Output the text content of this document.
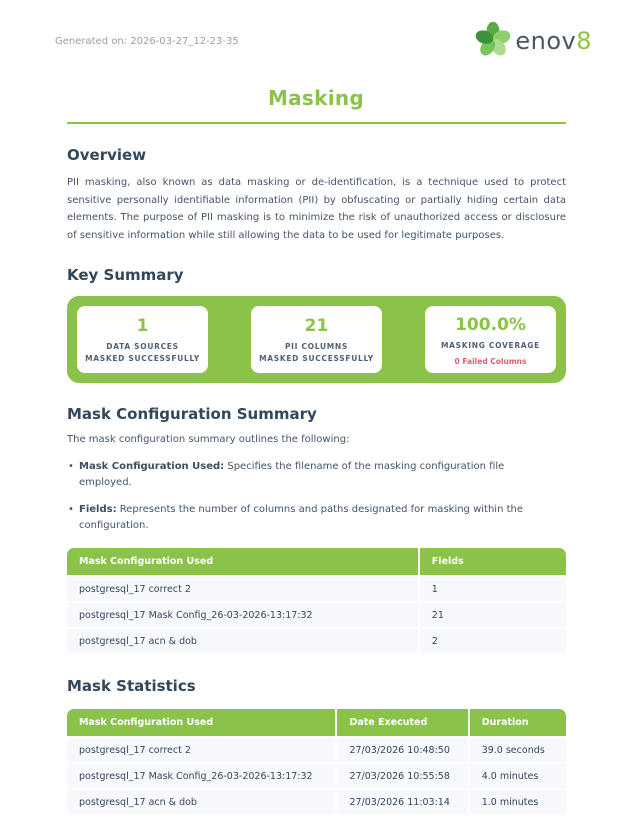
Generated on: 2026-03-27_12-23-35	enov8
Masking
Overview

PII masking, also known as data masking or de-identification, is a technique used to protect sensitive personally identifiable information (PII) by obfuscating or partially hiding certain data elements. The purpose of PII masking is to minimize the risk of unauthorized access or disclosure of sensitive information while still allowing the data to be used for legitimate purposes.

Key Summary
1
DATA SOURCES
MASKED SUCCESSFULLY
21
PII COLUMNS
MASKED SUCCESSFULLY
100.0%
MASKING COVERAGE
0 Failed Columns
Mask Configuration Summary
The mask configuration summary outlines the following:
• Mask Configuration Used: Specifies the filename of the masking configuration file employed.
• Fields: Represents the number of columns and paths designated for masking within the configuration.
Mask Configuration Used	Fields
postgresql_17 correct 2	1
postgresql_17 Mask Config_26-03-2026-13:17:32	21
postgresql_17 acn & dob	2
Mask Statistics
Mask Configuration Used	Date Executed	Duration
postgresql_17 correct 2	27/03/2026 10:48:50	39.0 seconds
postgresql_17 Mask Config_26-03-2026-13:17:32	27/03/2026 10:55:58	4.0 minutes
postgresql_17 acn & dob	27/03/2026 11:03:14	1.0 minutes
